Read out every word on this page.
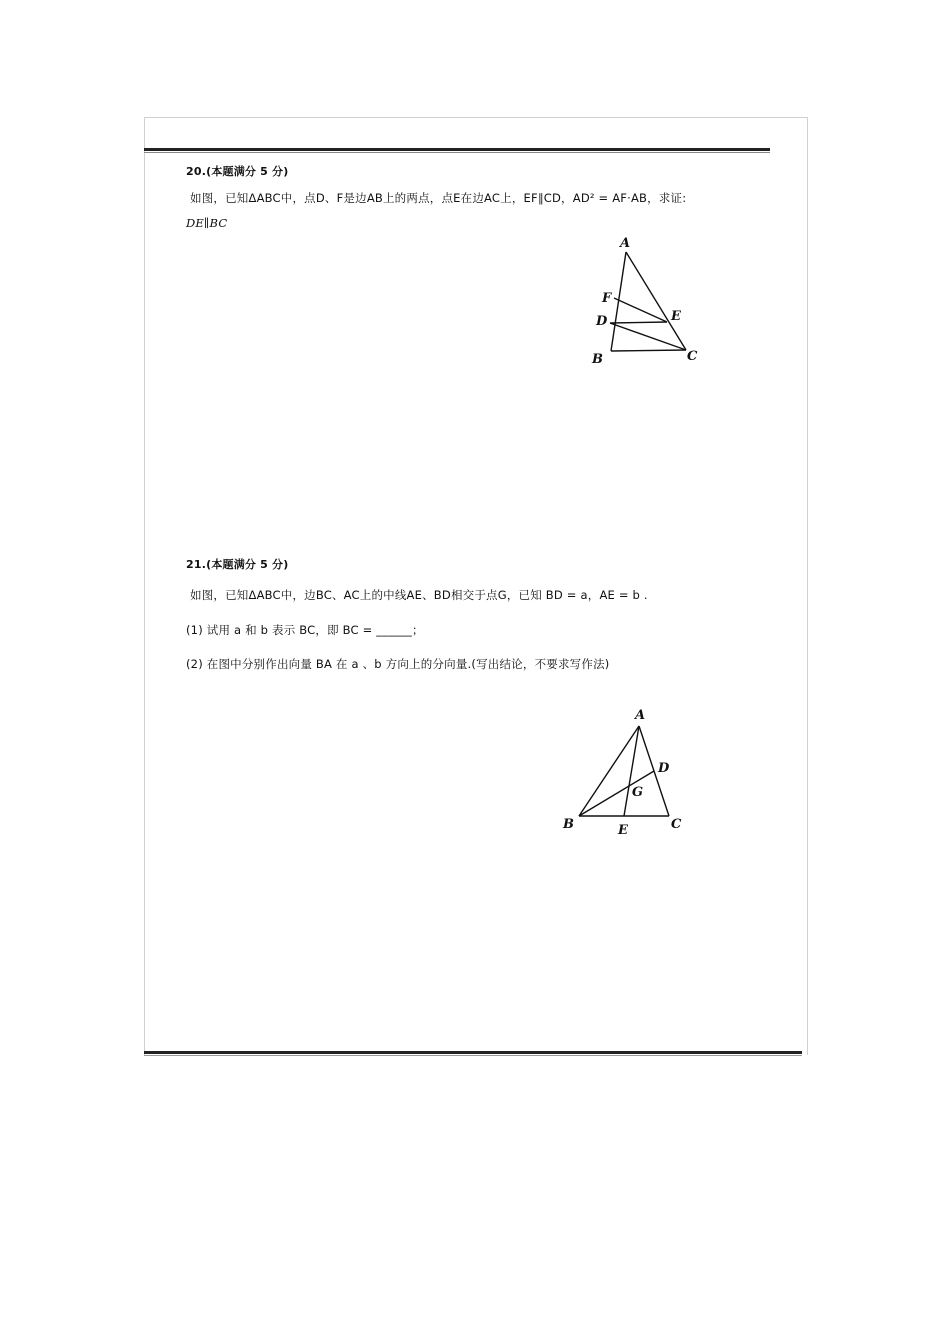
20.(本题满分 5 分)
如图，已知ΔABC中，点D、F是边AB上的两点，点E在边AC上，EF∥CD，AD² = AF·AB，求证:
DE∥BC
A
F
D	E
B	C
21.(本题满分 5 分)
如图，已知ΔABC中，边BC、AC上的中线AE、BD相交于点G，已知 BD = a，AE = b .
(1) 试用 a 和 b 表示 BC，即 BC = ______；
(2) 在图中分别作出向量 BA 在 a 、b 方向上的分向量.(写出结论，不要求写作法)
A
D
G
B	E	C
